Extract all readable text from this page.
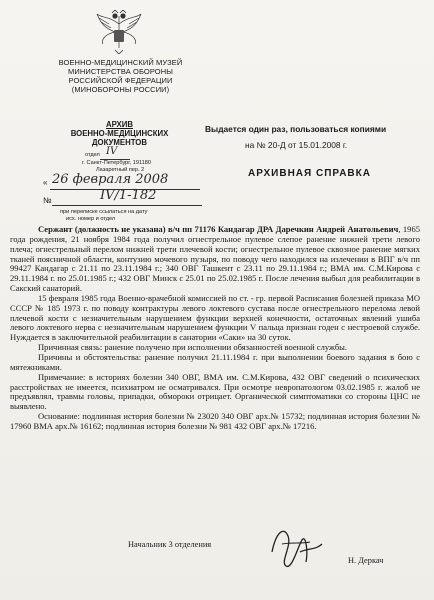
ВОЕННО-МЕДИЦИНСКИЙ МУЗЕЙ
МИНИСТЕРСТВА ОБОРОНЫ
РОССИЙСКОЙ ФЕДЕРАЦИИ
(МИНОБОРОНЫ РОССИИ)
АРХИВ
ВОЕННО-МЕДИЦИНСКИХ
ДОКУМЕНТОВ
отдел IV
г. Санкт-Петербург, 191180
Лазаретный пер. 2
« 26 февраля 2008
№	IV/1-182
при переписке ссылаться на дату
исх. номер и отдел
Выдается один раз, пользоваться копиями
на № 20-Д от 15.01.2008 г.
АРХИВНАЯ СПРАВКА

Сержант (должность не указана) в/ч пп 71176 Кандагар ДРА Даречкин Андрей Анатольевич, 1965 года рождения, 21 ноября 1984 года получил огнестрельное пулевое слепое ранение нижней трети левого плеча; огнестрельный перелом нижней трети плечевой кости; огнестрельное пулевое сквозное ранение мягких тканей поясничной области, контузию мочевого пузыря, по поводу чего находился на излечении в ВПГ в/ч пп 99427 Кандагар с 21.11 по 23.11.1984 г.; 340 ОВГ Ташкент с 23.11 по 29.11.1984 г.; ВМА им. С.М.Кирова с 29.11.1984 г. по 25.01.1985 г.; 432 ОВГ Минск с 25.01 по 25.02.1985 г. После лечения выбыл для реабилитации в Сакский санаторий.

15 февраля 1985 года Военно-врачебной комиссией по ст. - гр. первой Расписания болезней приказа МО СССР № 185 1973 г. по поводу контрактуры левого локтевого сустава после огнестрельного перелома левой плечевой кости с незначительным нарушением функции верхней конечности, остаточных явлений ушиба левого локтевого нерва с незначительным нарушением функции V пальца признан годен с нестроевой службе. Нуждается в заключительной реабилитации в санатории «Саки» на 30 суток.

Причинная связь: ранение получено при исполнении обязанностей военной службы.

Причины и обстоятельства: ранение получил 21.11.1984 г. при выполнении боевого задания в бою с мятежниками.

Примечание: в историях болезни 340 ОВГ, ВМА им. С.М.Кирова, 432 ОВГ сведений о психических расстройствах не имеется, психиатром не осматривался. При осмотре невропатологом 03.02.1985 г. жалоб не предъявлял, травмы головы, припадки, обмороки отрицает. Органической симптоматики со стороны ЦНС не выявлено.

Основание: подлинная история болезни № 23020 340 ОВГ арх.№ 15732; подлинная история болезни № 17960 ВМА арх.№ 16162; подлинная история болезни № 981 432 ОВГ арх.№ 17216.

Начальник 3 отделения
Н. Деркач
